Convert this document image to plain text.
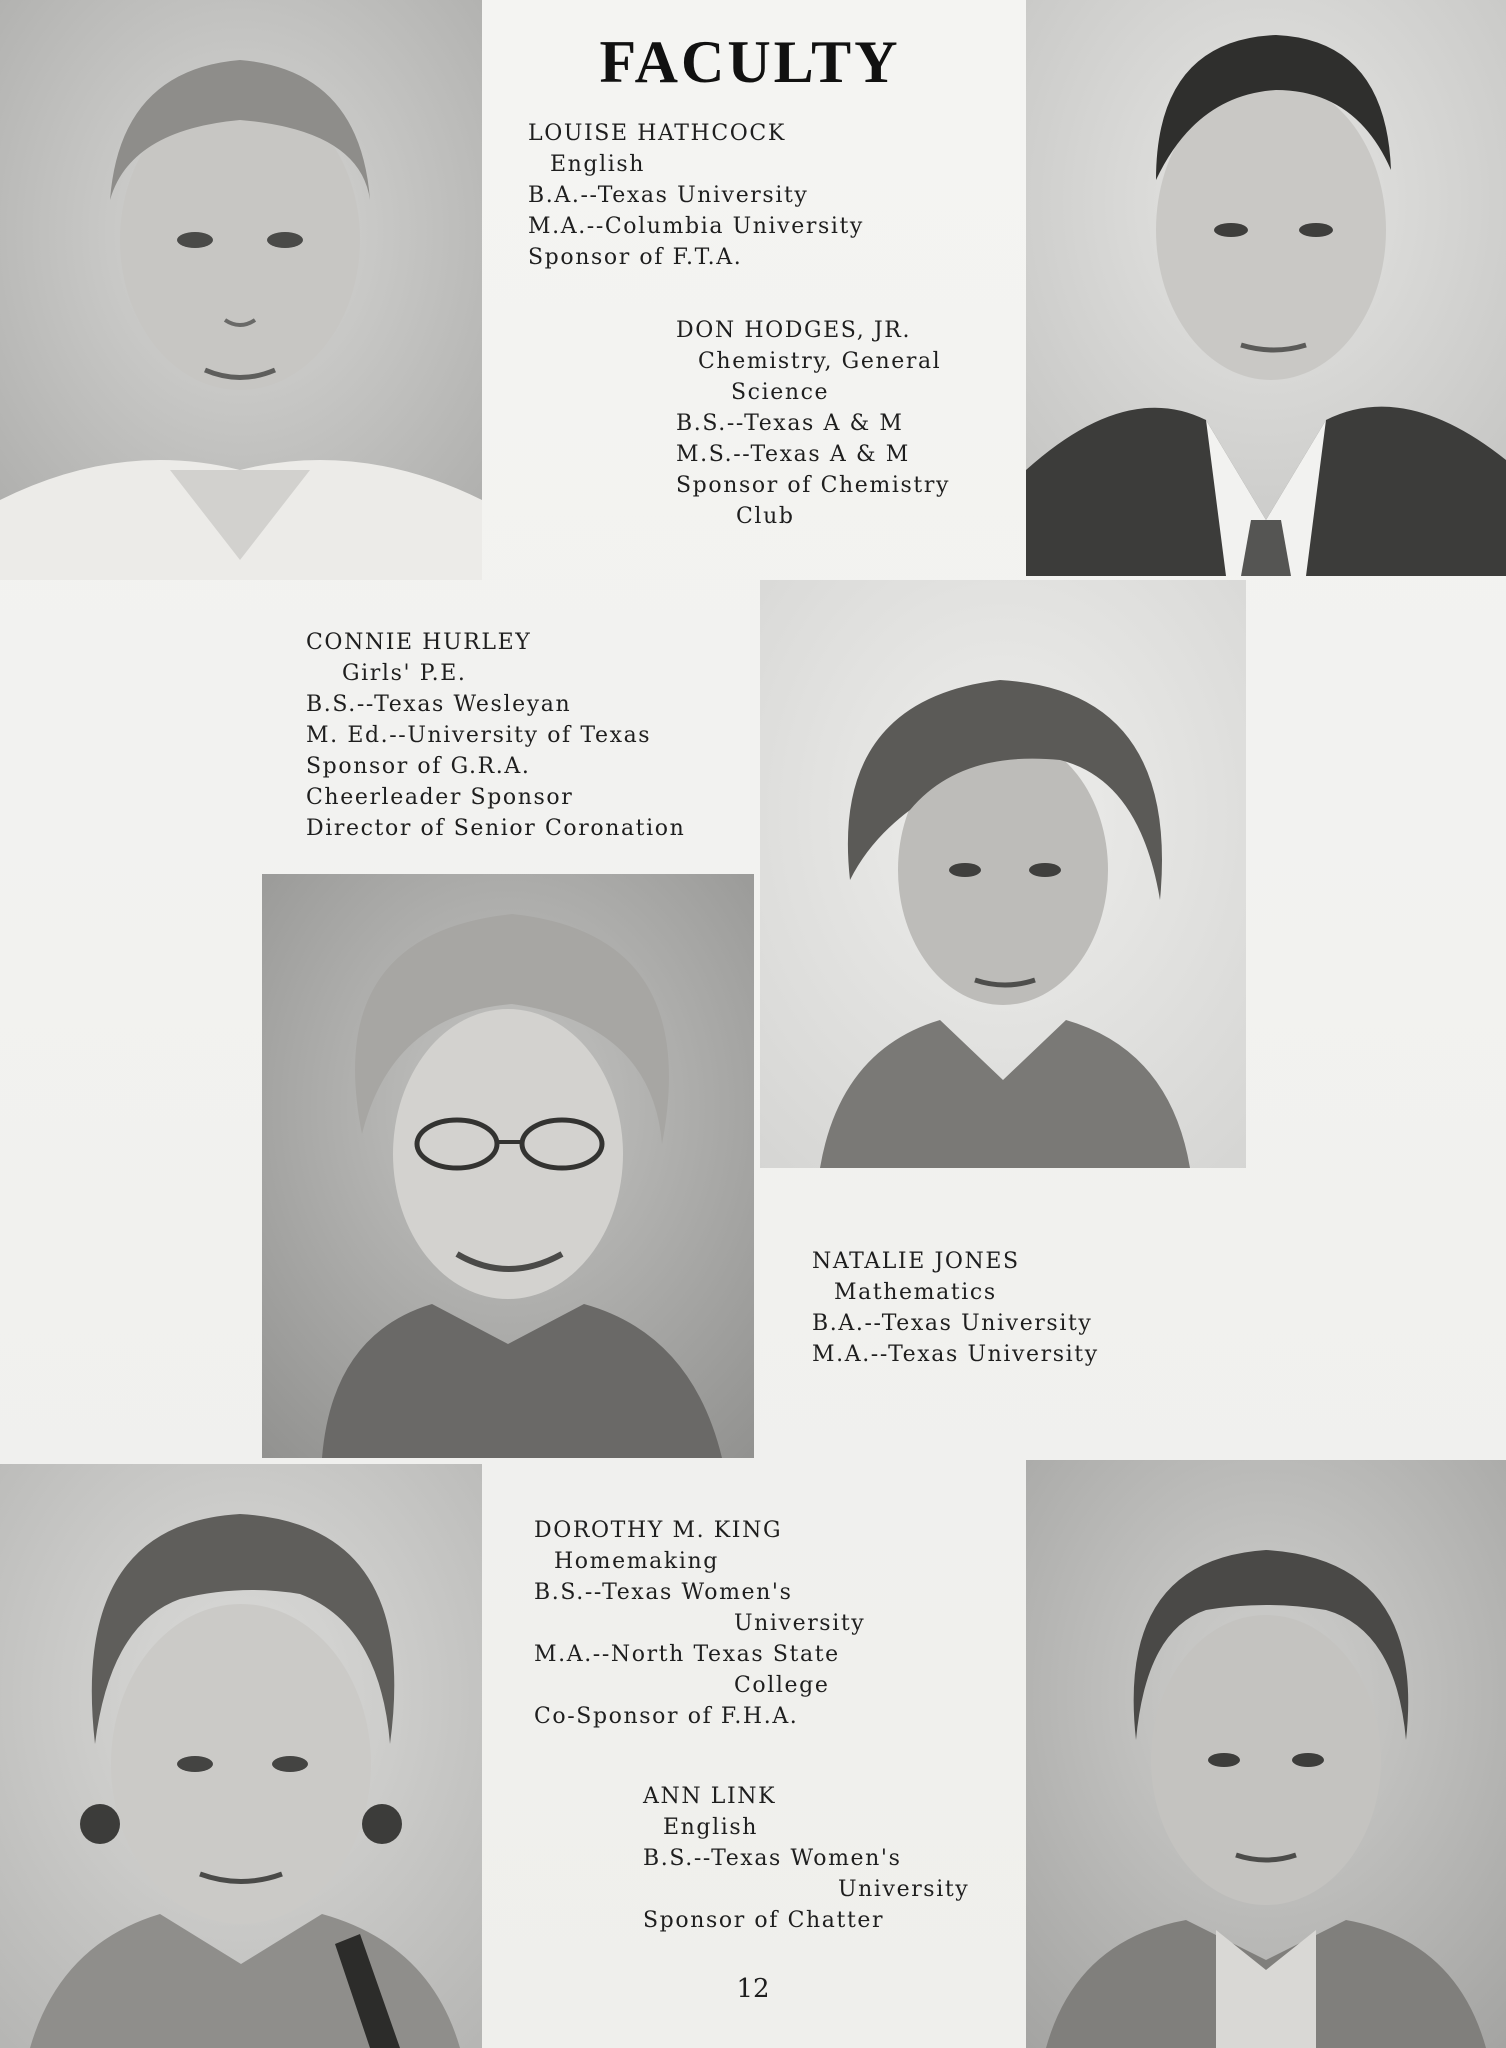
FACULTY
LOUISE HATHCOCK
English
B.A.--Texas University
M.A.--Columbia University
Sponsor of F.T.A.
DON HODGES, JR.
Chemistry, General
Science
B.S.--Texas A & M
M.S.--Texas A & M
Sponsor of Chemistry
Club
CONNIE HURLEY
Girls' P.E.
B.S.--Texas Wesleyan
M. Ed.--University of Texas
Sponsor of G.R.A.
Cheerleader Sponsor
Director of Senior Coronation
NATALIE JONES
Mathematics
B.A.--Texas University
M.A.--Texas University
DOROTHY M. KING
Homemaking
B.S.--Texas Women's
University
M.A.--North Texas State
College
Co-Sponsor of F.H.A.
ANN LINK
English
B.S.--Texas Women's
University
Sponsor of Chatter
12
